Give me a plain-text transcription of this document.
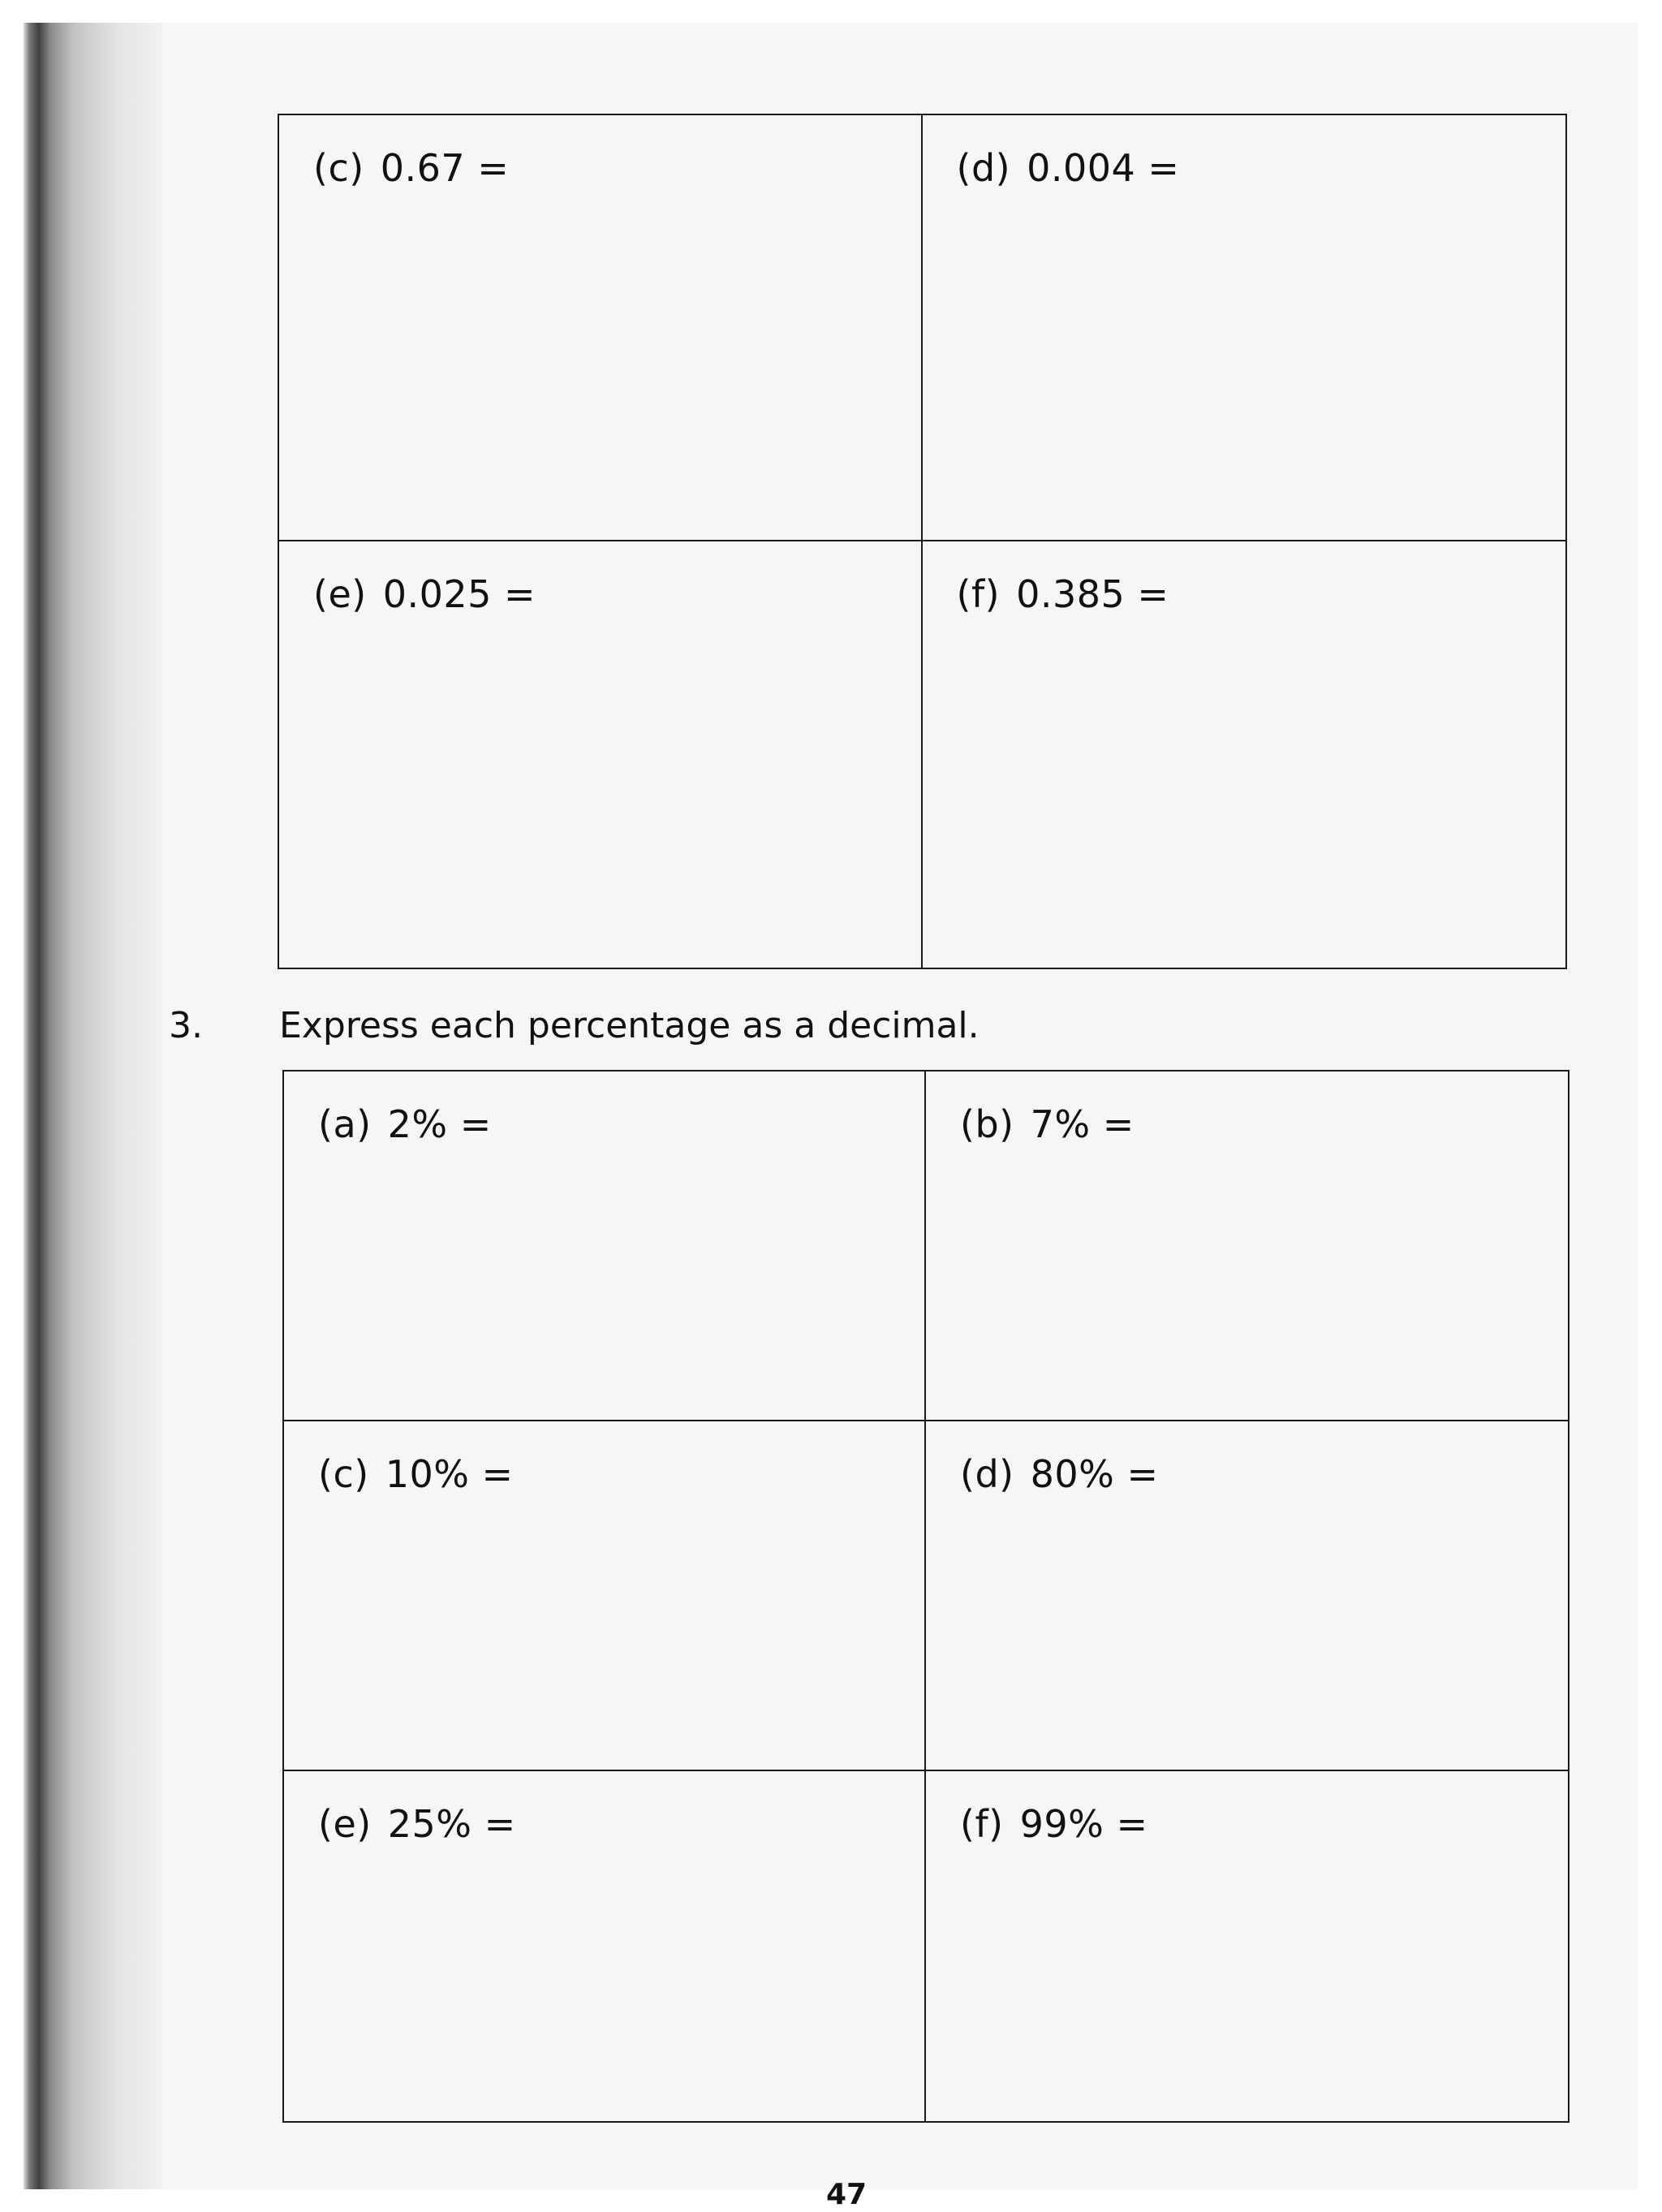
(c) 0.67 =	(d) 0.004 =
(e) 0.025 =	(f) 0.385 =
3. Express each percentage as a decimal.
(a) 2% =	(b) 7% =
(c) 10% =	(d) 80% =
(e) 25% =	(f) 99% =
47
